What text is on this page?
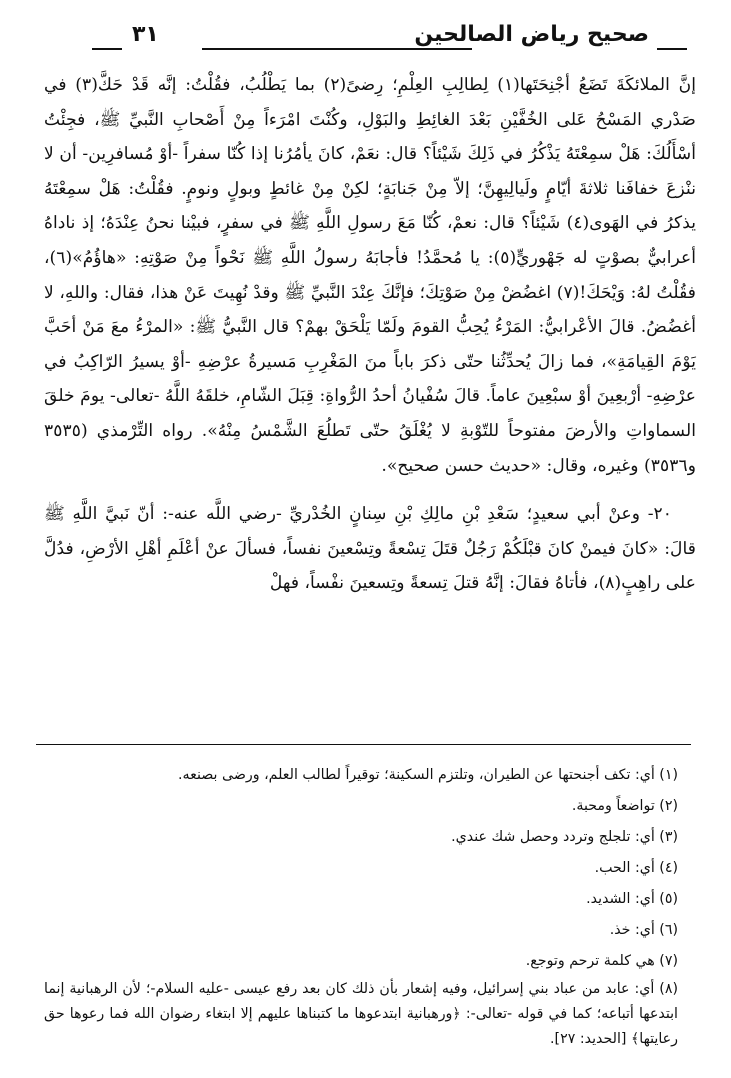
صحيح رياض الصالحين
٣١

إنَّ الملائكَةَ تَضَعُ أجْنِحَتَها(١) لِطالِبِ العِلْمِ؛ رِضىً(٢) بما يَطْلُبُ، فقُلْتُ: إنَّه قَدْ حَكَّ(٣) في صَدْري المَسْحُ عَلى الخُفَّيْنِ بَعْدَ الغائِطِ والبَوْلِ، وكُنْتَ امْرَءاً مِنْ أَصْحابِ النَّبيِّ ﷺ، فجِئْتُ أسْأَلُكَ: هَلْ سمِعْتَهُ يَذْكُرُ في ذَلِكَ شَيْئاً؟ قال: نعَمْ، كانَ يأمُرُنا إذا كُنّا سفراً -أوْ مُسافرِين- أن لا ننْزعَ خفافَنا ثلاثةَ أيّامٍ ولَيالِيهِنَّ؛ إلاّ مِنْ جَنابَةٍ؛ لكِنْ مِنْ غائطٍ وبولٍ ونومٍ. فقُلْتُ: هَلْ سمِعْتَهُ يذكرُ في الهَوى(٤) شَيْئاً؟ قال: نعمْ، كُنّا مَعَ رسولِ اللَّهِ ﷺ في سفرٍ، فبيْنا نحنُ عِنْدَهُ؛ إذ ناداهُ أعرابيٌّ بصوْتٍ له جَهْوريٍّ(٥): يا مُحمَّدُ! فأجابَهُ رسولُ اللَّهِ ﷺ نَحْواً مِنْ صَوْتِهِ: «هاؤُمُ»(٦)، فقُلْتُ لهُ: وَيْحَكَ!(٧) اغضُضْ مِنْ صَوْتِكَ؛ فإنَّكَ عِنْدَ النَّبيِّ ﷺ وقدْ نُهِيتَ عَنْ هذا، فقال: واللهِ، لا أغضُضُ. قالَ الأعْرابيُّ: المَرْءُ يُحِبُّ القومَ ولَمّا يَلْحَقْ بهمْ؟ قال النَّبيُّ ﷺ: «المرْءُ معَ مَنْ أحَبَّ يَوْمَ القِيامَةِ»، فما زالَ يُحدِّثُنا حتّى ذكرَ باباً منَ المَغْرِبِ مَسيرةُ عرْضِهِ -أوْ يسيرُ الرّاكِبُ في عرْضِهِ- أرْبعِينَ أوْ سبْعِينَ عاماً. قالَ سُفْيانُ أحدُ الرُّواةِ: قِبَلَ الشّامِ، خلقَهُ اللَّهُ -تعالى- يومَ خلقَ السماواتِ والأرضَ مفتوحاً للتّوْبةِ لا يُغْلَقُ حتّى تَطلُعَ الشَّمْسُ مِنْهُ». رواه التِّرْمذي (٣٥٣٥ و٣٥٣٦) وغيره، وقال: «حديث حسن صحيح».

٢٠- وعنْ أبي سعيدٍ؛ سَعْدِ بْنِ مالِكِ بْنِ سِنانٍ الخُدْريِّ -رضي اللَّه عنه-: أنّ نَبيَّ اللَّهِ ﷺ قالَ: «كانَ فيمنْ كانَ قبْلَكُمْ رَجُلٌ قتَلَ تِسْعةً وتِسْعينَ نفساً، فسألَ عنْ أعْلَمِ أهْلِ الأرْضِ، فدُلَّ على راهِبٍ(٨)، فأتاهُ فقالَ: إنَّهُ قتلَ تِسعةً وتِسعينَ نفْساً، فهلْ

(١) أي: تكف أجنحتها عن الطيران، وتلتزم السكينة؛ توقيراً لطالب العلم، ورضى بصنعه.
(٢) تواضعاً ومحبة.
(٣) أي: تلجلج وتردد وحصل شك عندي.
(٤) أي: الحب.
(٥) أي: الشديد.
(٦) أي: خذ.
(٧) هي كلمة ترحم وتوجع.
(٨) أي: عابد من عباد بني إسرائيل، وفيه إشعار بأن ذلك كان بعد رفع عيسى -عليه السلام-؛ لأن الرهبانية إنما ابتدعها أتباعه؛ كما في قوله -تعالى-: ﴿ورهبانية ابتدعوها ما كتبناها عليهم إلا ابتغاء رضوان الله فما رعوها حق رعايتها﴾ [الحديد: ٢٧].
